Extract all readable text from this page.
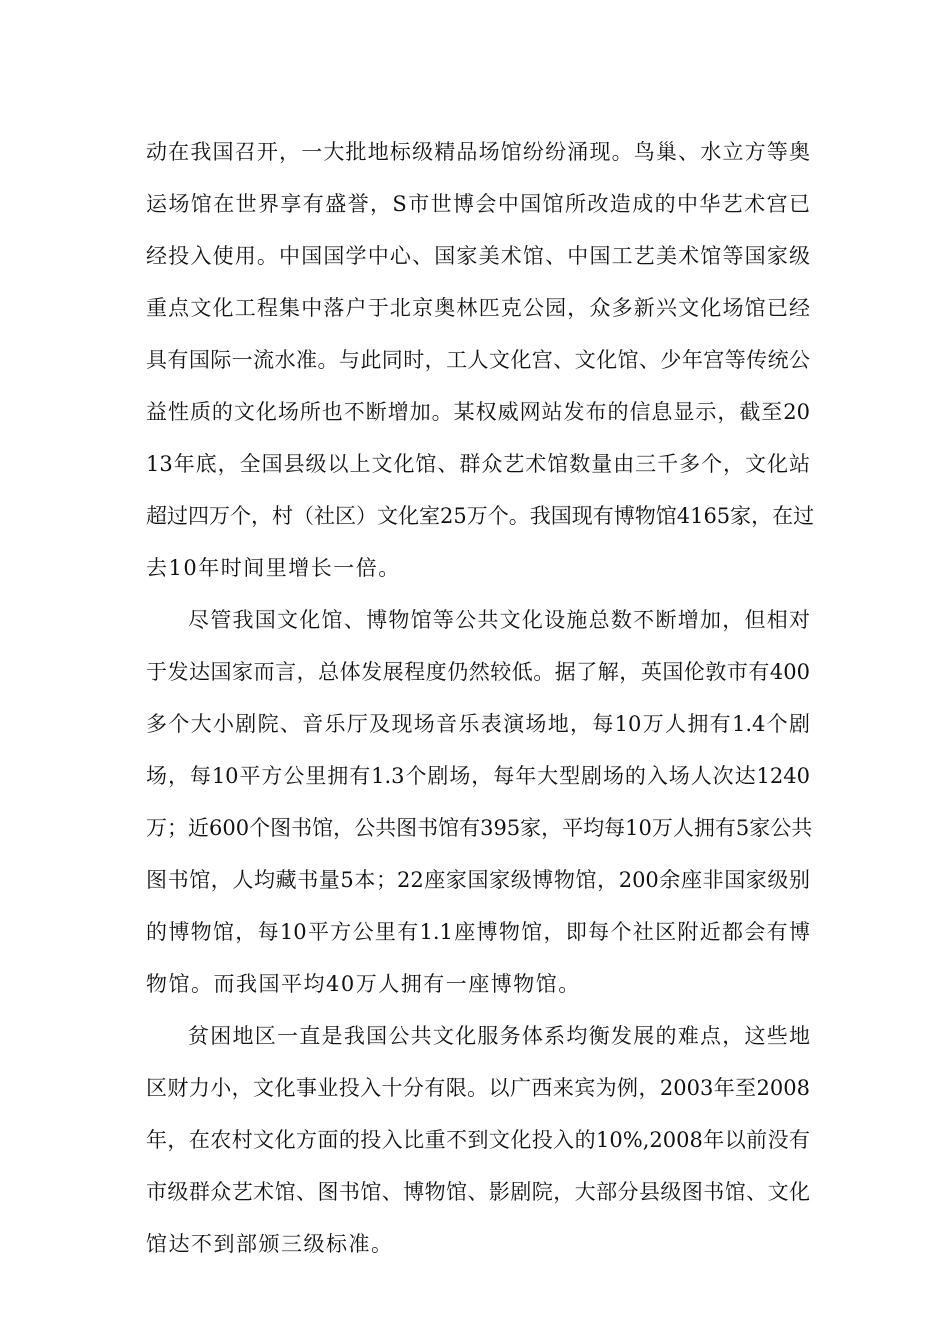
动在我国召开，一大批地标级精品场馆纷纷涌现。鸟巢、水立方等奥
运场馆在世界享有盛誉，S市世博会中国馆所改造成的中华艺术宫已
经投入使用。中国国学中心、国家美术馆、中国工艺美术馆等国家级
重点文化工程集中落户于北京奥林匹克公园，众多新兴文化场馆已经
具有国际一流水准。与此同时，工人文化宫、文化馆、少年宫等传统公
益性质的文化场所也不断增加。某权威网站发布的信息显示，截至20
13年底，全国县级以上文化馆、群众艺术馆数量由三千多个，文化站
超过四万个，村（社区）文化室25万个。我国现有博物馆4165家，在过
去10年时间里增长一倍。
尽管我国文化馆、博物馆等公共文化设施总数不断增加，但相对
于发达国家而言，总体发展程度仍然较低。据了解，英国伦敦市有400
多个大小剧院、音乐厅及现场音乐表演场地，每10万人拥有1.4个剧
场，每10平方公里拥有1.3个剧场，每年大型剧场的入场人次达1240
万；近600个图书馆，公共图书馆有395家，平均每10万人拥有5家公共
图书馆，人均藏书量5本；22座家国家级博物馆，200余座非国家级别
的博物馆，每10平方公里有1.1座博物馆，即每个社区附近都会有博
物馆。而我国平均40万人拥有一座博物馆。
贫困地区一直是我国公共文化服务体系均衡发展的难点，这些地
区财力小，文化事业投入十分有限。以广西来宾为例，2003年至2008
年，在农村文化方面的投入比重不到文化投入的10%,2008年以前没有
市级群众艺术馆、图书馆、博物馆、影剧院，大部分县级图书馆、文化
馆达不到部颁三级标准。
